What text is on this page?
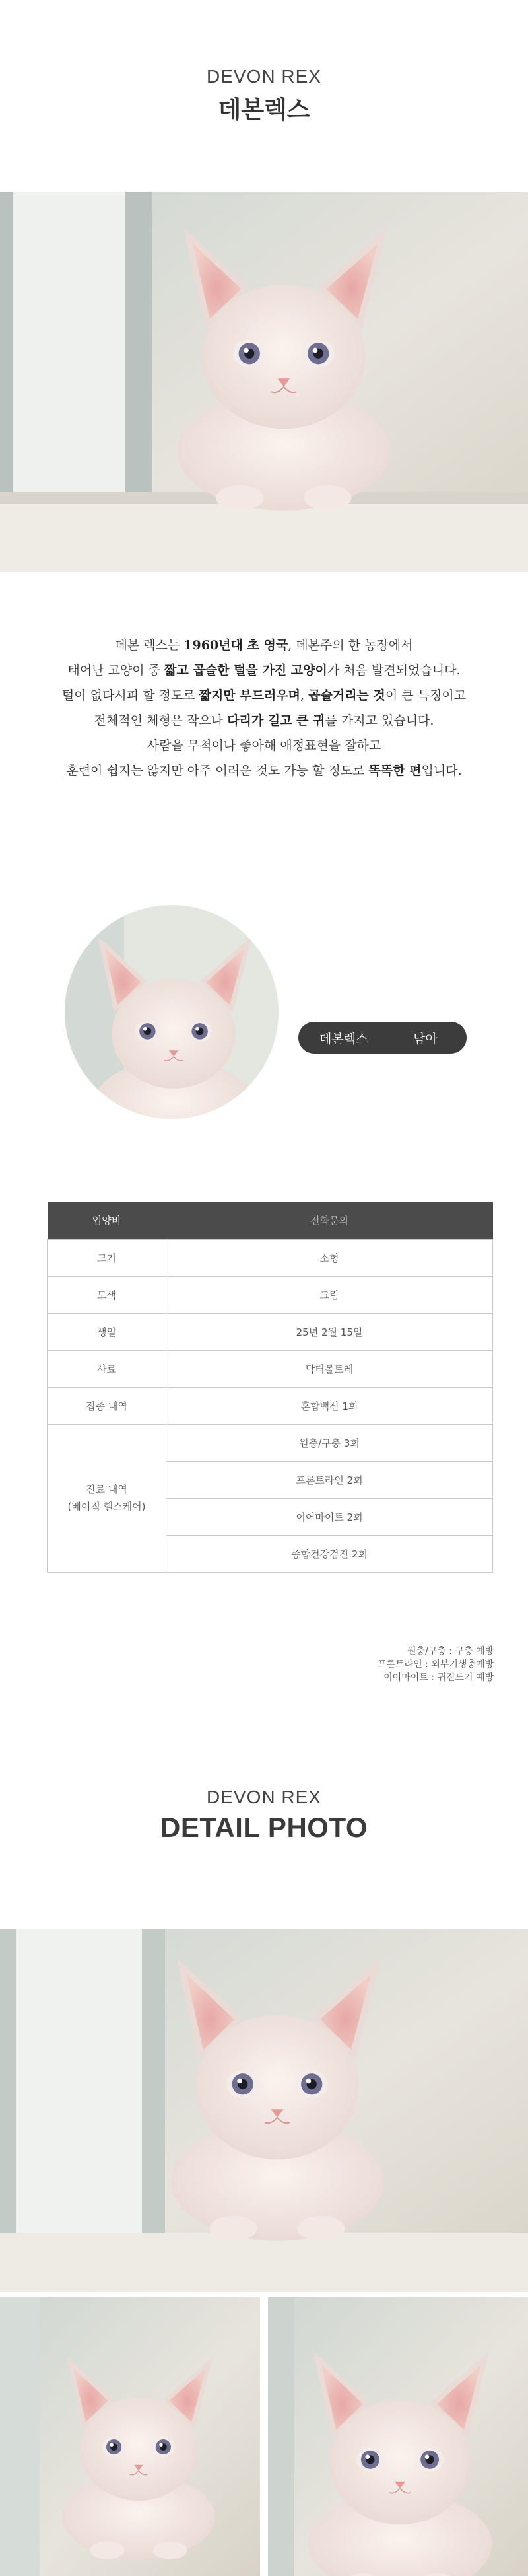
DEVON REX
데본렉스

데본 렉스는 1960년대 초 영국, 데본주의 한 농장에서

태어난 고양이 중 짧고 곱슬한 털을 가진 고양이가 처음 발견되었습니다.

털이 없다시피 할 정도로 짧지만 부드러우며, 곱슬거리는 것이 큰 특징이고

전체적인 체형은 작으나 다리가 길고 큰 귀를 가지고 있습니다.

사람을 무척이나 좋아해 애정표현을 잘하고

훈련이 쉽지는 않지만 아주 어려운 것도 가능 할 정도로 똑똑한 편입니다.

데본렉스	남아
입양비	전화문의
크기	소형
모색	크림
생일	25년 2월 15일
사료	닥터볼트레
접종 내역	혼합백신 1회

진료 내역
(베이직 헬스케어)	원충/구충 3회
	프론트라인 2회
	이어마이트 2회
	종합건강검진 2회
원충/구충 : 구충 예방
프론트라인 : 외부기생충예방
이어마이트 : 귀진드기 예방
DEVON REX
DETAIL PHOTO
